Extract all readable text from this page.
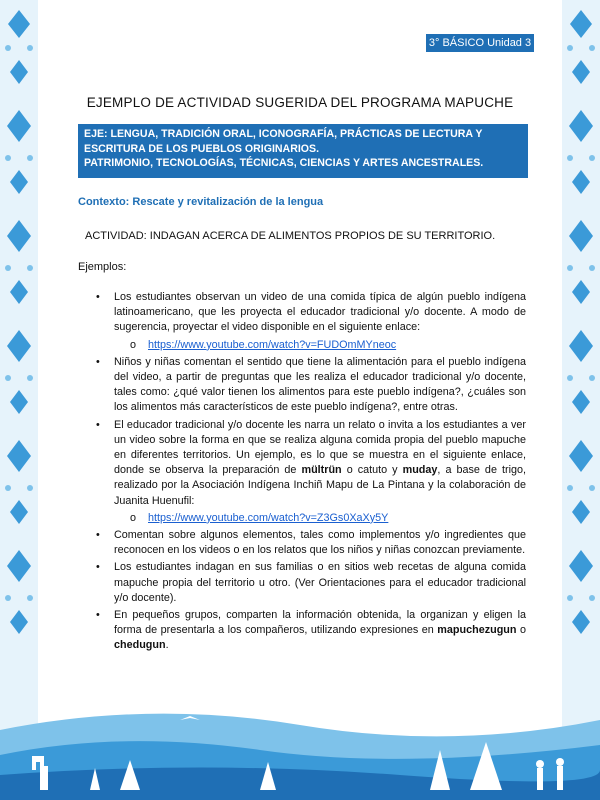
3° BÁSICO Unidad 3
EJEMPLO DE ACTIVIDAD SUGERIDA DEL PROGRAMA MAPUCHE

EJE: LENGUA, TRADICIÓN ORAL, ICONOGRAFÍA, PRÁCTICAS DE LECTURA Y ESCRITURA DE LOS PUEBLOS ORIGINARIOS.

PATRIMONIO, TECNOLOGÍAS, TÉCNICAS, CIENCIAS Y ARTES ANCESTRALES.

Contexto: Rescate y revitalización de la lengua
ACTIVIDAD: INDAGAN ACERCA DE ALIMENTOS PROPIOS DE SU TERRITORIO.
Ejemplos:
• Los estudiantes observan un video de una comida típica de algún pueblo indígena latinoamericano, que les proyecta el educador tradicional y/o docente. A modo de sugerencia, proyectar el video disponible en el siguiente enlace:
o https://www.youtube.com/watch?v=FUDOmMYneoc
• Niños y niñas comentan el sentido que tiene la alimentación para el pueblo indígena del video, a partir de preguntas que les realiza el educador tradicional y/o docente, tales como: ¿qué valor tienen los alimentos para este pueblo indígena?, ¿cuáles son los alimentos más característicos de este pueblo indígena?, entre otras.
• El educador tradicional y/o docente les narra un relato o invita a los estudiantes a ver un video sobre la forma en que se realiza alguna comida propia del pueblo mapuche en diferentes territorios. Un ejemplo, es lo que se muestra en el siguiente enlace, donde se observa la preparación de mültrün o catuto y muday, a base de trigo, realizado por la Asociación Indígena Inchiñ Mapu de La Pintana y la colaboración de Juanita Huenufil:
o https://www.youtube.com/watch?v=Z3Gs0XaXy5Y
• Comentan sobre algunos elementos, tales como implementos y/o ingredientes que reconocen en los videos o en los relatos que los niños y niñas conozcan previamente.
• Los estudiantes indagan en sus familias o en sitios web recetas de alguna comida mapuche propia del territorio u otro. (Ver Orientaciones para el educador tradicional y/o docente).
• En pequeños grupos, comparten la información obtenida, la organizan y eligen la forma de presentarla a los compañeros, utilizando expresiones en mapuchezugun o chedugun.
